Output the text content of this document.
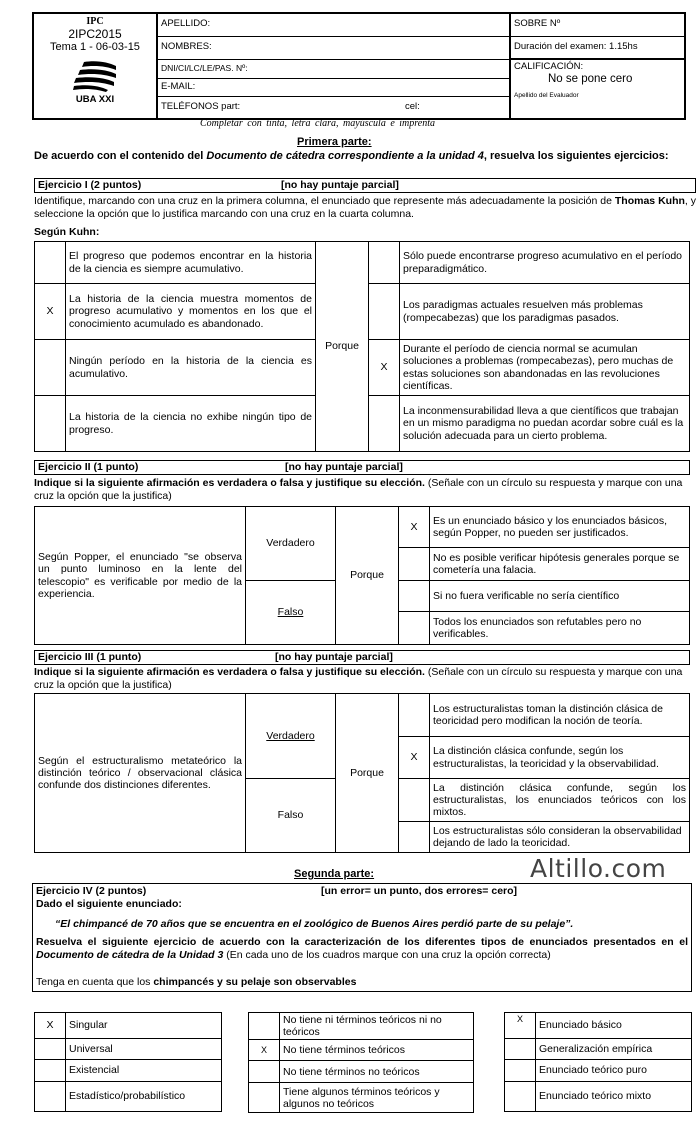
IPC
2IPC2015
Tema 1 - 06-03-15
UBA XXI	APELLIDO:	SOBRE Nº
	NOMBRES:	Duración del examen: 1.15hs
	DNI/CI/LC/LE/PAS. Nº:	CALIFICACIÓN:
No se pone cero
Apellido del Evaluador

	E-MAIL:	
	TELÉFONOS part: cel:	
Completar con tinta, letra clara, mayúscula e imprenta
Primera parte:
De acuerdo con el contenido del Documento de cátedra correspondiente a la unidad 4, resuelva los siguientes ejercicios:
Ejercicio I (2 puntos)	[no hay puntaje parcial]
Identifique, marcando con una cruz en la primera columna, el enunciado que represente más adecuadamente la posición de Thomas Kuhn, y seleccione la opción que lo justifica marcando con una cruz en la cuarta columna.
Según Kuhn:
	El progreso que podemos encontrar en la historia de la ciencia es siempre acumulativo.	Porque		Sólo puede encontrarse progreso acumulativo en el período preparadigmático.
X	La historia de la ciencia muestra momentos de progreso acumulativo y momentos en los que el conocimiento acumulado es abandonado.			Los paradigmas actuales resuelven más problemas (rompecabezas) que los paradigmas pasados.
	Ningún período en la historia de la ciencia es acumulativo.		X	Durante el período de ciencia normal se acumulan soluciones a problemas (rompecabezas), pero muchas de estas soluciones son abandonadas en las revoluciones científicas.
	La historia de la ciencia no exhibe ningún tipo de progreso.			La inconmensurabilidad lleva a que científicos que trabajan en un mismo paradigma no puedan acordar sobre cuál es la solución adecuada para un cierto problema.
Ejercicio II (1 punto)	[no hay puntaje parcial]
Indique si la siguiente afirmación es verdadera o falsa y justifique su elección. (Señale con un círculo su respuesta y marque con una cruz la opción que la justifica)
Según Popper, el enunciado "se observa un punto luminoso en la lente del telescopio" es verificable por medio de la experiencia.	Verdadero	Porque	X	Es un enunciado básico y los enunciados básicos, según Popper, no pueden ser justificados.
				No es posible verificar hipótesis generales porque se cometería una falacia.
	Falso			Si no fuera verificable no sería científico
				Todos los enunciados son refutables pero no verificables.
Ejercicio III (1 punto)	[no hay puntaje parcial]
Indique si la siguiente afirmación es verdadera o falsa y justifique su elección. (Señale con un círculo su respuesta y marque con una cruz la opción que la justifica)
Según el estructuralismo metateórico la distinción teórico / observacional clásica confunde dos distinciones diferentes.	Verdadero	Porque		Los estructuralistas toman la distinción clásica de teoricidad pero modifican la noción de teoría.
			X	La distinción clásica confunde, según los estructuralistas, la teoricidad y la observabilidad.
	Falso			La distinción clásica confunde, según los estructuralistas, los enunciados teóricos con los mixtos.
				Los estructuralistas sólo consideran la observabilidad dejando de lado la teoricidad.
Segunda parte:	Altillo.com
Ejercicio IV (2 puntos)	[un error= un punto, dos errores= cero]
Dado el siguiente enunciado:
“El chimpancé de 70 años que se encuentra en el zoológico de Buenos Aires perdió parte de su pelaje”.
Resuelva el siguiente ejercicio de acuerdo con la caracterización de los diferentes tipos de enunciados presentados en el Documento de cátedra de la Unidad 3 (En cada uno de los cuadros marque con una cruz la opción correcta)
Tenga en cuenta que los chimpancés y su pelaje son observables
X	Singular
	Universal
	Existencial
	Estadístico/probabilístico
	No tiene ni términos teóricos ni no teóricos
X	No tiene términos teóricos
	No tiene términos no teóricos
	Tiene algunos términos teóricos y algunos no teóricos
X	Enunciado básico
	Generalización empírica
	Enunciado teórico puro
	Enunciado teórico mixto
